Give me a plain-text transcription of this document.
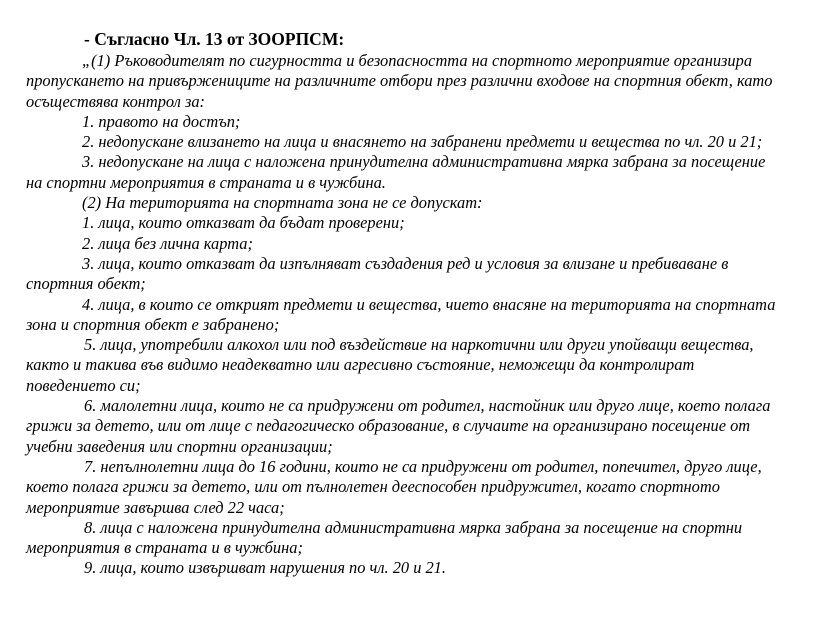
- Съгласно Чл. 13 от ЗООРПСМ:

„(1) Ръководителят по сигурността и безопасността на спортното мероприятие организира пропускането на привържениците на различните отбори през различни входове на спортния обект, като осъществява контрол за:

1. правото на достъп;

2. недопускане влизането на лица и внасянето на забранени предмети и вещества по чл. 20 и 21;

3. недопускане на лица с наложена принудителна административна мярка забрана за посещение на спортни мероприятия в страната и в чужбина.

(2) На територията на спортната зона не се допускат:

1. лица, които отказват да бъдат проверени;

2. лица без лична карта;

3. лица, които отказват да изпълняват създадения ред и условия за влизане и пребиваване в спортния обект;

4. лица, в които се открият предмети и вещества, чието внасяне на територията на спортната зона и спортния обект е забранено;

5. лица, употребили алкохол или под въздействие на наркотични или други упойващи вещества, както и такива във видимо неадекватно или агресивно състояние, неможещи да контролират поведението си;

6. малолетни лица, които не са придружени от родител, настойник или друго лице, което полага грижи за детето, или от лице с педагогическо образование, в случаите на организирано посещение от учебни заведения или спортни организации;

7. непълнолетни лица до 16 години, които не са придружени от родител, попечител, друго лице, което полага грижи за детето, или от пълнолетен дееспособен придружител, когато спортното мероприятие завършва след 22 часа;

8. лица с наложена принудителна административна мярка забрана за посещение на спортни мероприятия в страната и в чужбина;

9. лица, които извършват нарушения по чл. 20 и 21.
